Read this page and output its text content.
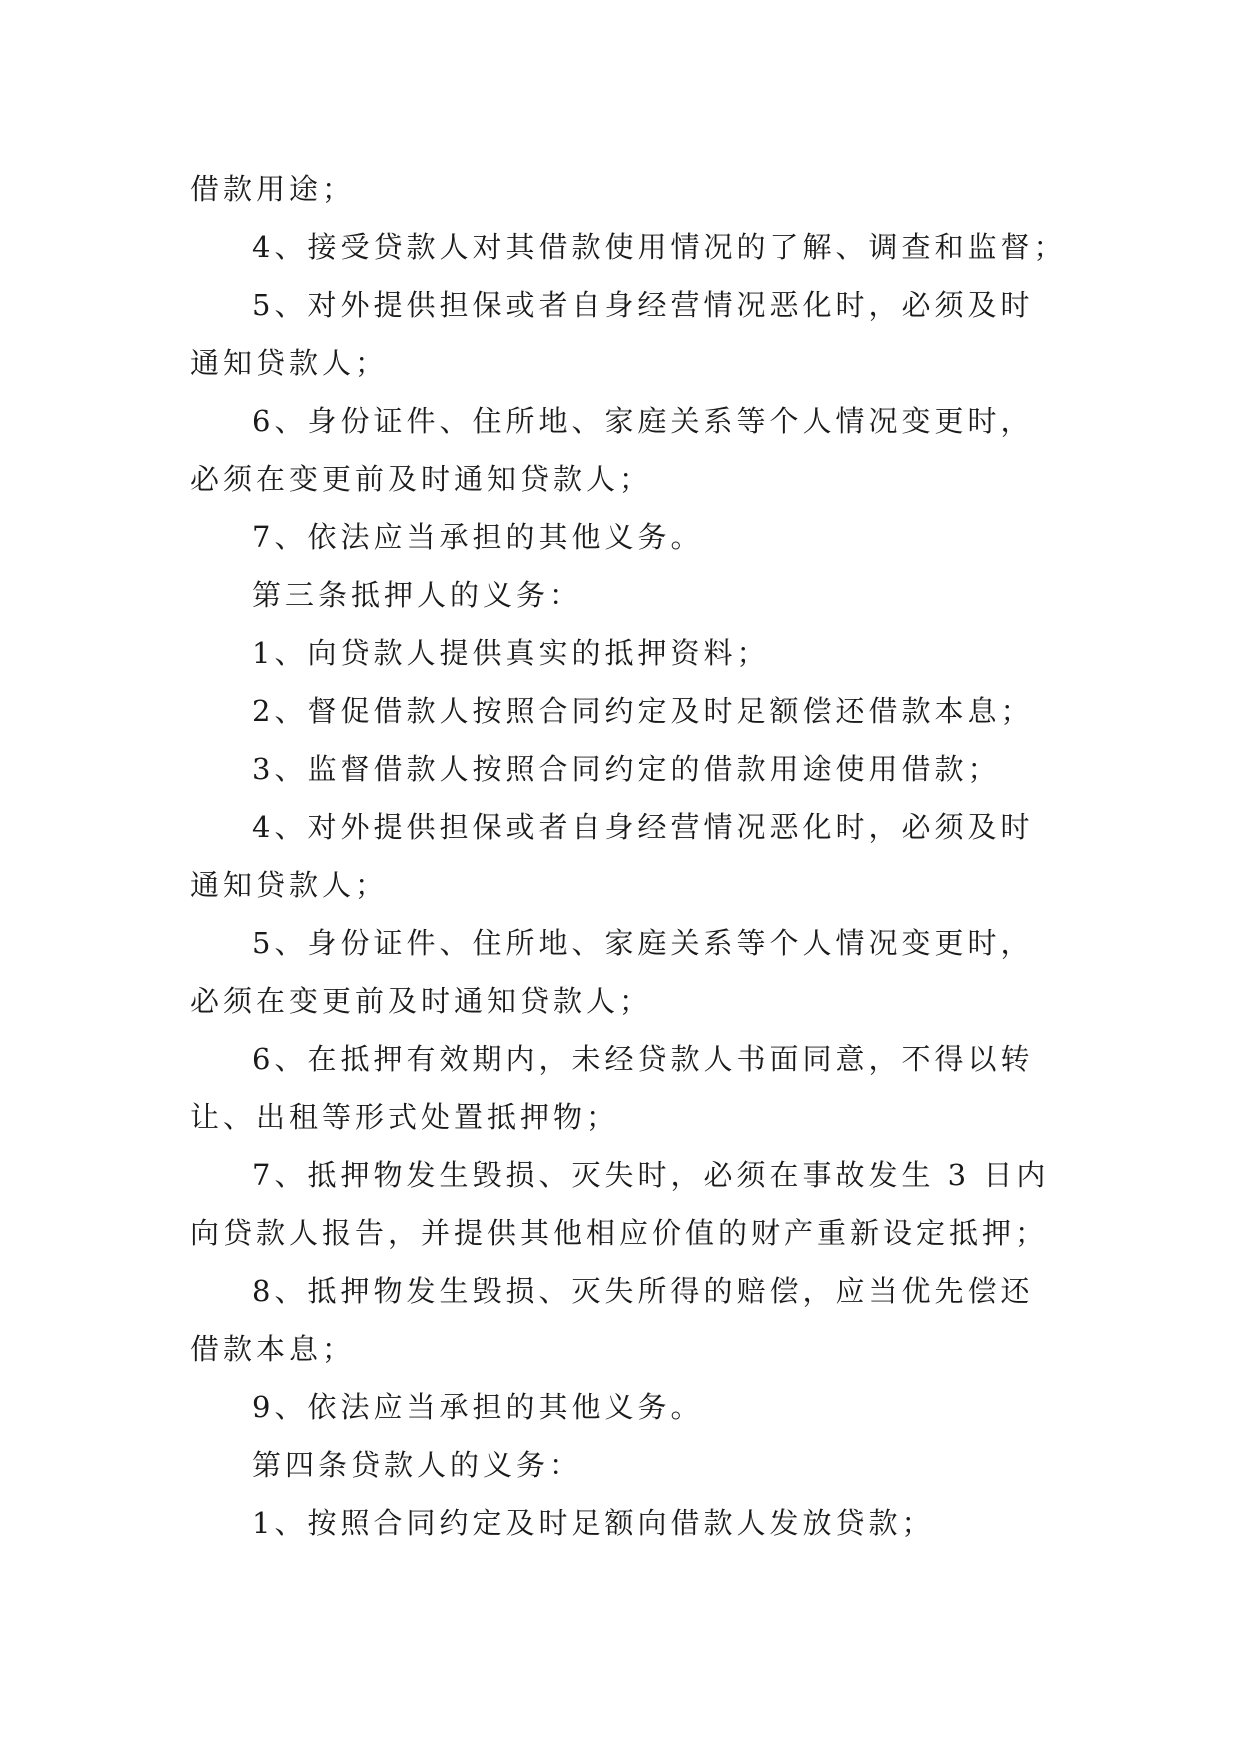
借款用途；
4、接受贷款人对其借款使用情况的了解、调查和监督；
5、对外提供担保或者自身经营情况恶化时，必须及时
通知贷款人；
6、身份证件、住所地、家庭关系等个人情况变更时，
必须在变更前及时通知贷款人；
7、依法应当承担的其他义务。
第三条抵押人的义务：
1、向贷款人提供真实的抵押资料；
2、督促借款人按照合同约定及时足额偿还借款本息；
3、监督借款人按照合同约定的借款用途使用借款；
4、对外提供担保或者自身经营情况恶化时，必须及时
通知贷款人；
5、身份证件、住所地、家庭关系等个人情况变更时，
必须在变更前及时通知贷款人；
6、在抵押有效期内，未经贷款人书面同意，不得以转
让、出租等形式处置抵押物；
7、抵押物发生毁损、灭失时，必须在事故发生 3 日内
向贷款人报告，并提供其他相应价值的财产重新设定抵押；
8、抵押物发生毁损、灭失所得的赔偿，应当优先偿还
借款本息；
9、依法应当承担的其他义务。
第四条贷款人的义务：
1、按照合同约定及时足额向借款人发放贷款；
